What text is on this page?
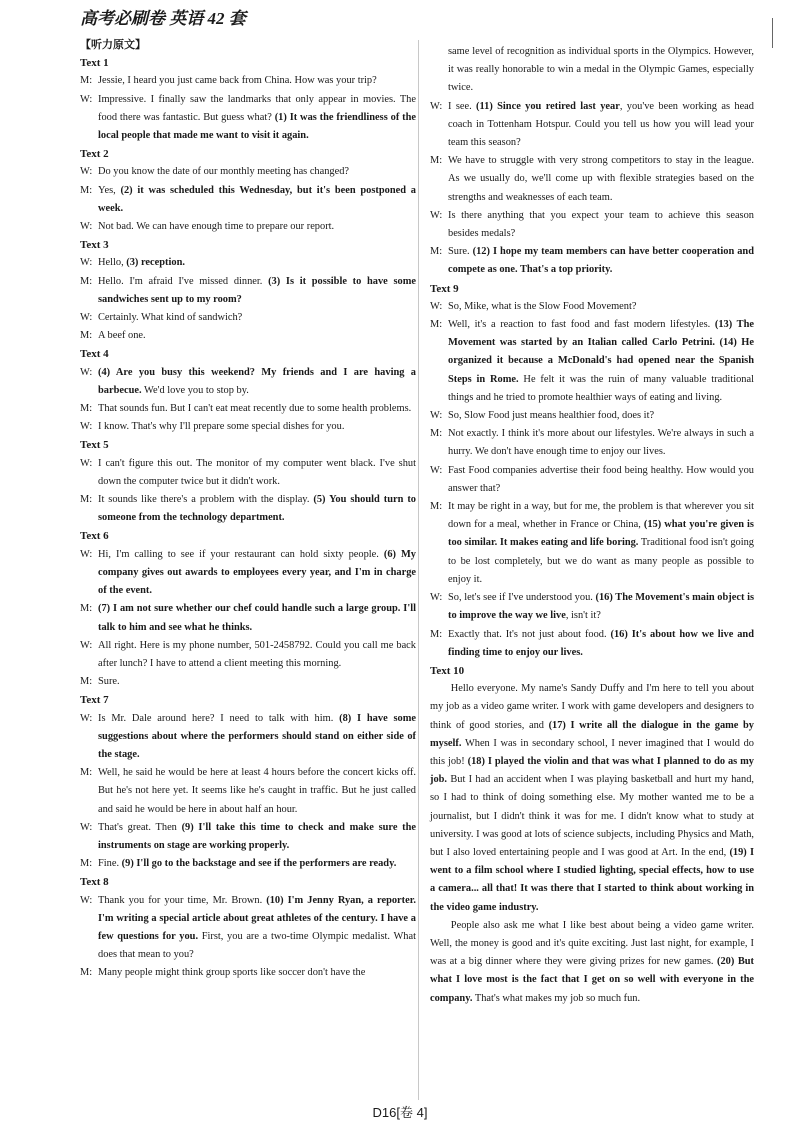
高考必刷卷 英语 42 套

【听力原文】

Text 1

M: Jessie, I heard you just came back from China. How was your trip?

W: Impressive. I finally saw the landmarks that only appear in movies. The food there was fantastic. But guess what? (1) It was the friendliness of the local people that made me want to visit it again.

Text 2

W: Do you know the date of our monthly meeting has changed?

M: Yes, (2) it was scheduled this Wednesday, but it's been postponed a week.

W: Not bad. We can have enough time to prepare our report.

Text 3

W: Hello, (3) reception.

M: Hello. I'm afraid I've missed dinner. (3) Is it possible to have some sandwiches sent up to my room?

W: Certainly. What kind of sandwich?

M: A beef one.

Text 4

W: (4) Are you busy this weekend? My friends and I are having a barbecue. We'd love you to stop by.

M: That sounds fun. But I can't eat meat recently due to some health problems.

W: I know. That's why I'll prepare some special dishes for you.

Text 5

W: I can't figure this out. The monitor of my computer went black. I've shut down the computer twice but it didn't work.

M: It sounds like there's a problem with the display. (5) You should turn to someone from the technology department.

Text 6

W: Hi, I'm calling to see if your restaurant can hold sixty people. (6) My company gives out awards to employees every year, and I'm in charge of the event.

M: (7) I am not sure whether our chef could handle such a large group. I'll talk to him and see what he thinks.

W: All right. Here is my phone number, 501-2458792. Could you call me back after lunch? I have to attend a client meeting this morning.

M: Sure.

Text 7

W: Is Mr. Dale around here? I need to talk with him. (8) I have some suggestions about where the performers should stand on either side of the stage.

M: Well, he said he would be here at least 4 hours before the concert kicks off. But he's not here yet. It seems like he's caught in traffic. But he just called and said he would be here in about half an hour.

W: That's great. Then (9) I'll take this time to check and make sure the instruments on stage are working properly.

M: Fine. (9) I'll go to the backstage and see if the performers are ready.

Text 8

W: Thank you for your time, Mr. Brown. (10) I'm Jenny Ryan, a reporter. I'm writing a special article about great athletes of the century. I have a few questions for you. First, you are a two-time Olympic medalist. What does that mean to you?

M: Many people might think group sports like soccer don't have the

same level of recognition as individual sports in the Olympics. However, it was really honorable to win a medal in the Olympic Games, especially twice.

W: I see. (11) Since you retired last year, you've been working as head coach in Tottenham Hotspur. Could you tell us how you will lead your team this season?

M: We have to struggle with very strong competitors to stay in the league. As we usually do, we'll come up with flexible strategies based on the strengths and weaknesses of each team.

W: Is there anything that you expect your team to achieve this season besides medals?

M: Sure. (12) I hope my team members can have better cooperation and compete as one. That's a top priority.

Text 9

W: So, Mike, what is the Slow Food Movement?

M: Well, it's a reaction to fast food and fast modern lifestyles. (13) The Movement was started by an Italian called Carlo Petrini. (14) He organized it because a McDonald's had opened near the Spanish Steps in Rome. He felt it was the ruin of many valuable traditional things and he tried to promote healthier ways of eating and living.

W: So, Slow Food just means healthier food, does it?

M: Not exactly. I think it's more about our lifestyles. We're always in such a hurry. We don't have enough time to enjoy our lives.

W: Fast Food companies advertise their food being healthy. How would you answer that?

M: It may be right in a way, but for me, the problem is that wherever you sit down for a meal, whether in France or China, (15) what you're given is too similar. It makes eating and life boring. Traditional food isn't going to be lost completely, but we do want as many people as possible to enjoy it.

W: So, let's see if I've understood you. (16) The Movement's main object is to improve the way we live, isn't it?

M: Exactly that. It's not just about food. (16) It's about how we live and finding time to enjoy our lives.

Text 10

Hello everyone. My name's Sandy Duffy and I'm here to tell you about my job as a video game writer. I work with game developers and designers to think of good stories, and (17) I write all the dialogue in the game by myself. When I was in secondary school, I never imagined that I would do this job! (18) I played the violin and that was what I planned to do as my job. But I had an accident when I was playing basketball and hurt my hand, so I had to think of doing something else. My mother wanted me to be a journalist, but I didn't think it was for me. I didn't know what to study at university. I was good at lots of science subjects, including Physics and Math, but I also loved entertaining people and I was good at Art. In the end, (19) I went to a film school where I studied lighting, special effects, how to use a camera... all that! It was there that I started to think about working in the video game industry.

People also ask me what I like best about being a video game writer. Well, the money is good and it's quite exciting. Just last night, for example, I was at a big dinner where they were giving prizes for new games. (20) But what I love most is the fact that I get on so well with everyone in the company. That's what makes my job so much fun.

D16[卷 4]
